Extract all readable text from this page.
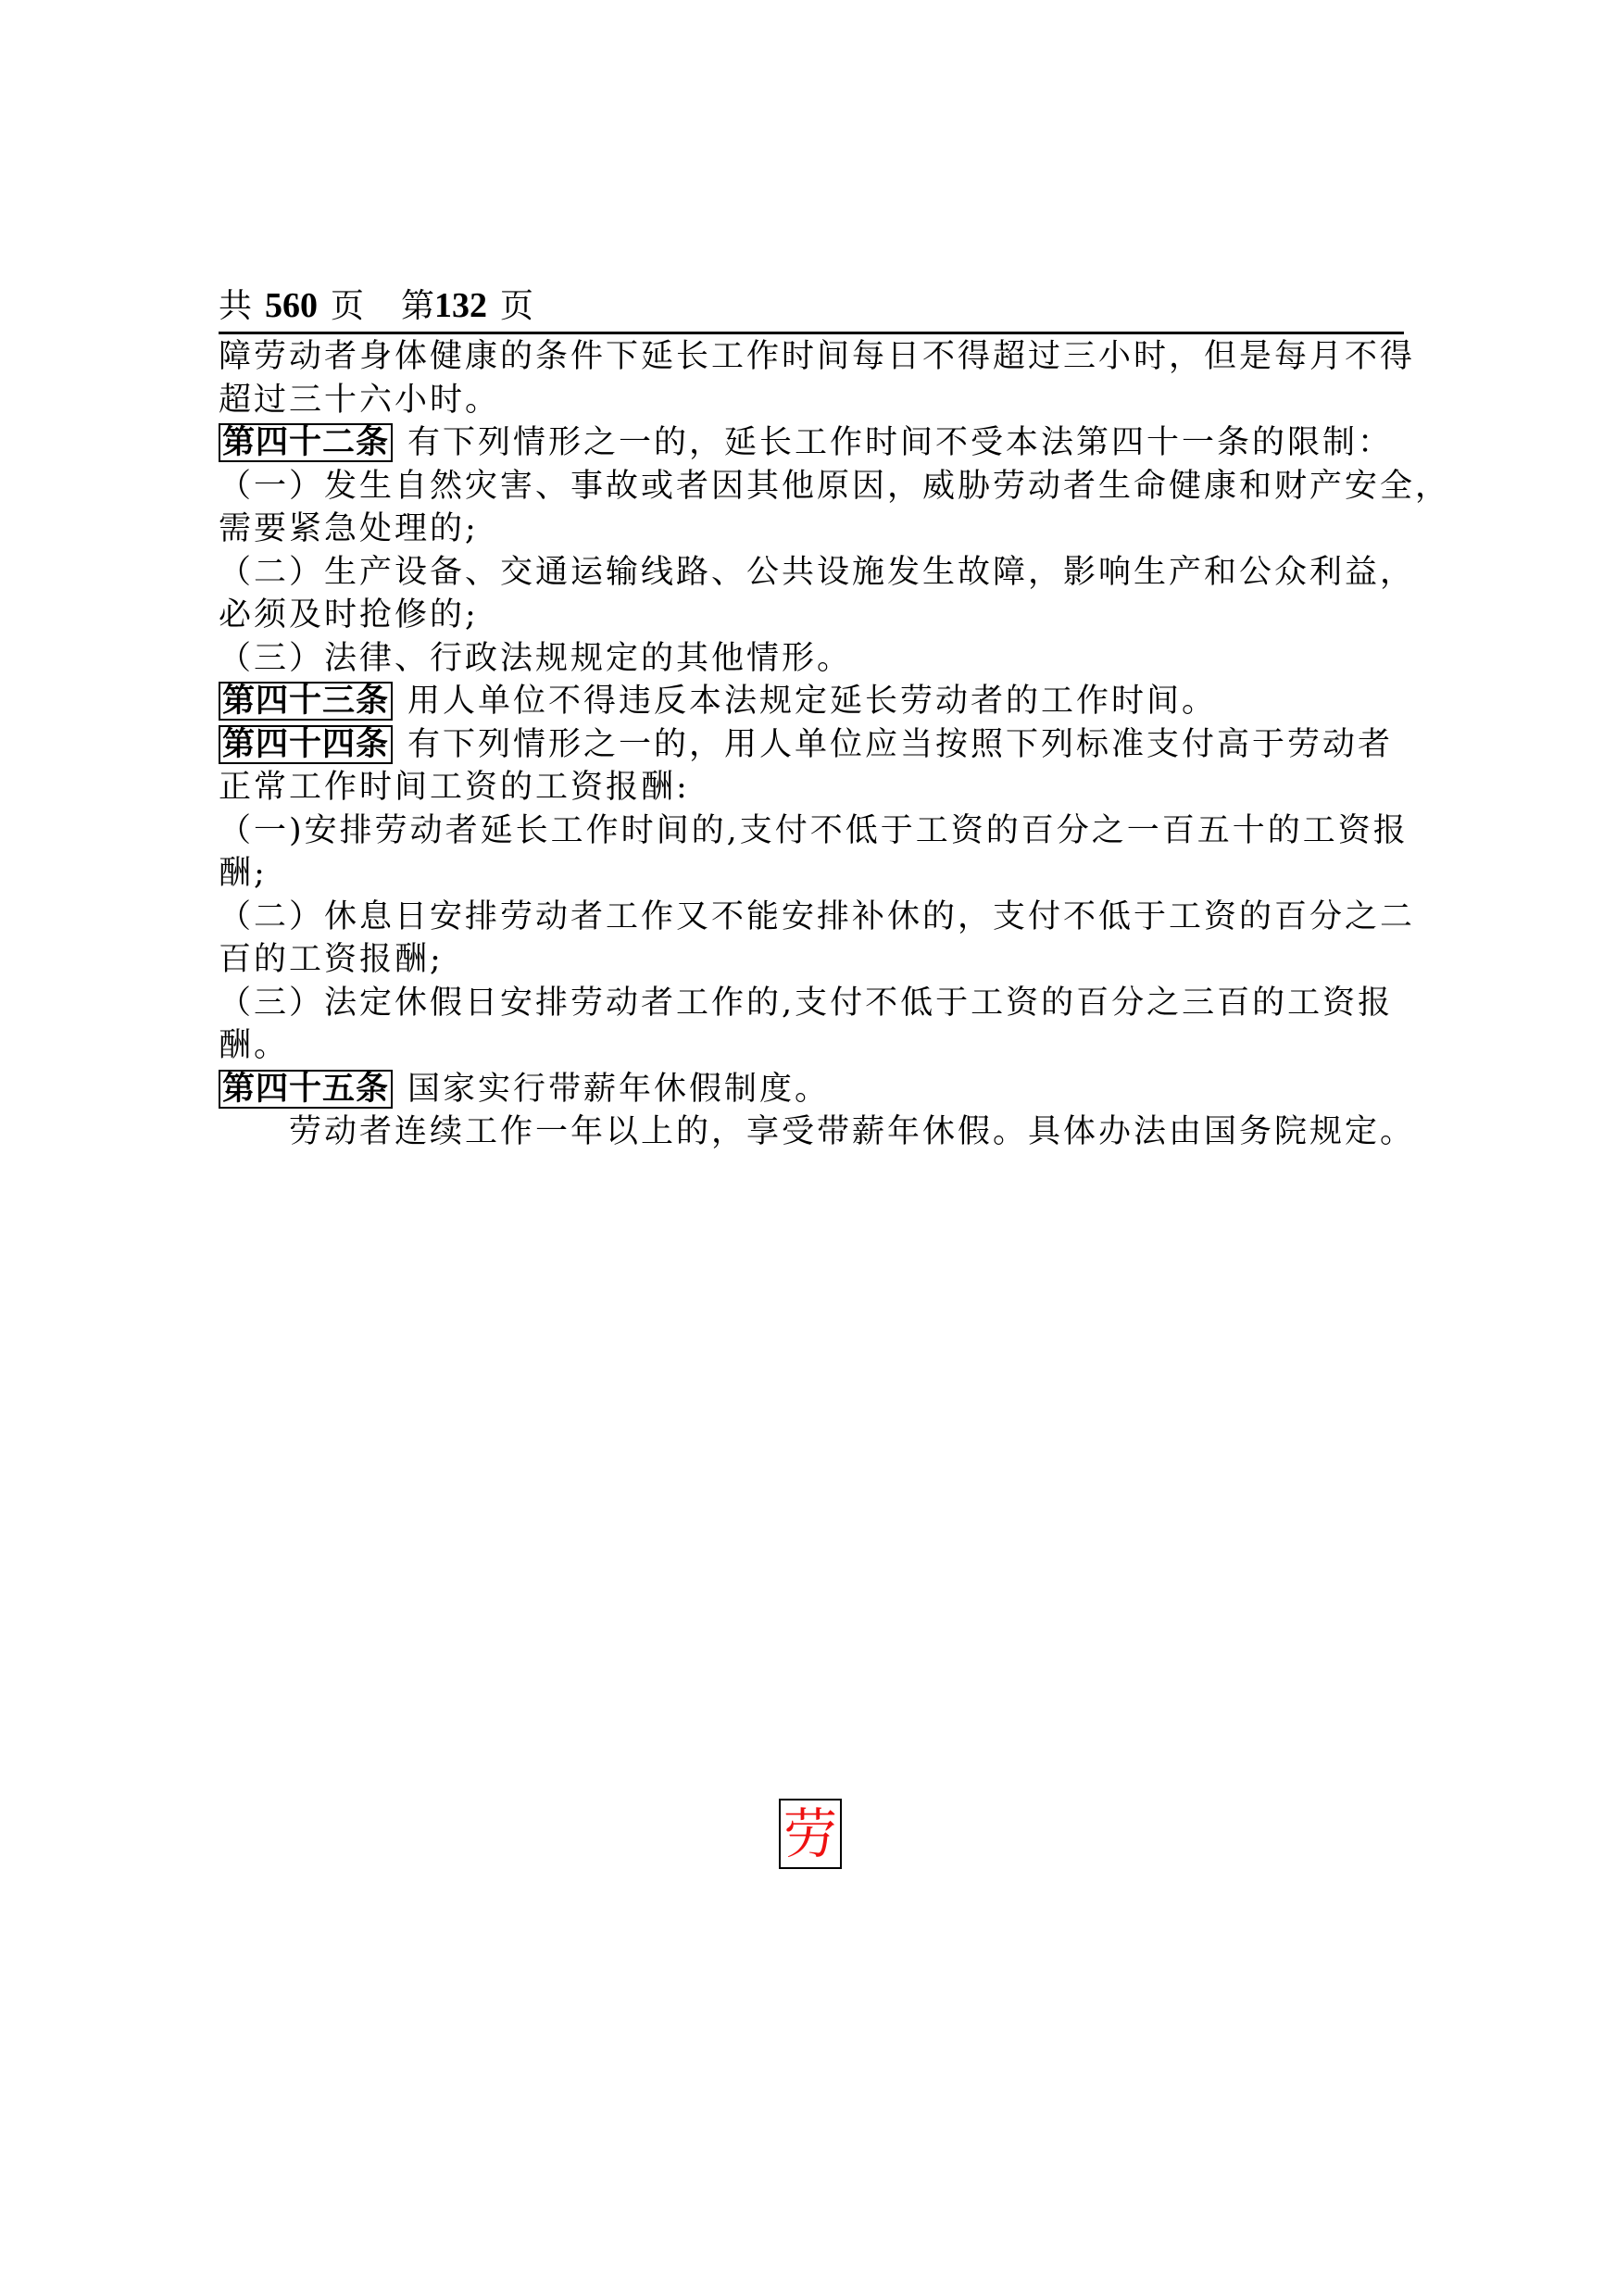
共 560 页 第132 页
障劳动者身体健康的条件下延长工作时间每日不得超过三小时，但是每月不得
超过三十六小时。
第四十二条 有下列情形之一的，延长工作时间不受本法第四十一条的限制：
（一）发生自然灾害、事故或者因其他原因，威胁劳动者生命健康和财产安全，
需要紧急处理的;
（二）生产设备、交通运输线路、公共设施发生故障，影响生产和公众利益，
必须及时抢修的;
（三）法律、行政法规规定的其他情形。
第四十三条 用人单位不得违反本法规定延长劳动者的工作时间。
第四十四条 有下列情形之一的，用人单位应当按照下列标准支付高于劳动者
正常工作时间工资的工资报酬:
（一)安排劳动者延长工作时间的,支付不低于工资的百分之一百五十的工资报
酬;
（二）休息日安排劳动者工作又不能安排补休的，支付不低于工资的百分之二
百的工资报酬;
（三）法定休假日安排劳动者工作的,支付不低于工资的百分之三百的工资报
酬。
第四十五条 国家实行带薪年休假制度。
劳动者连续工作一年以上的，享受带薪年休假。具体办法由国务院规定。
劳
